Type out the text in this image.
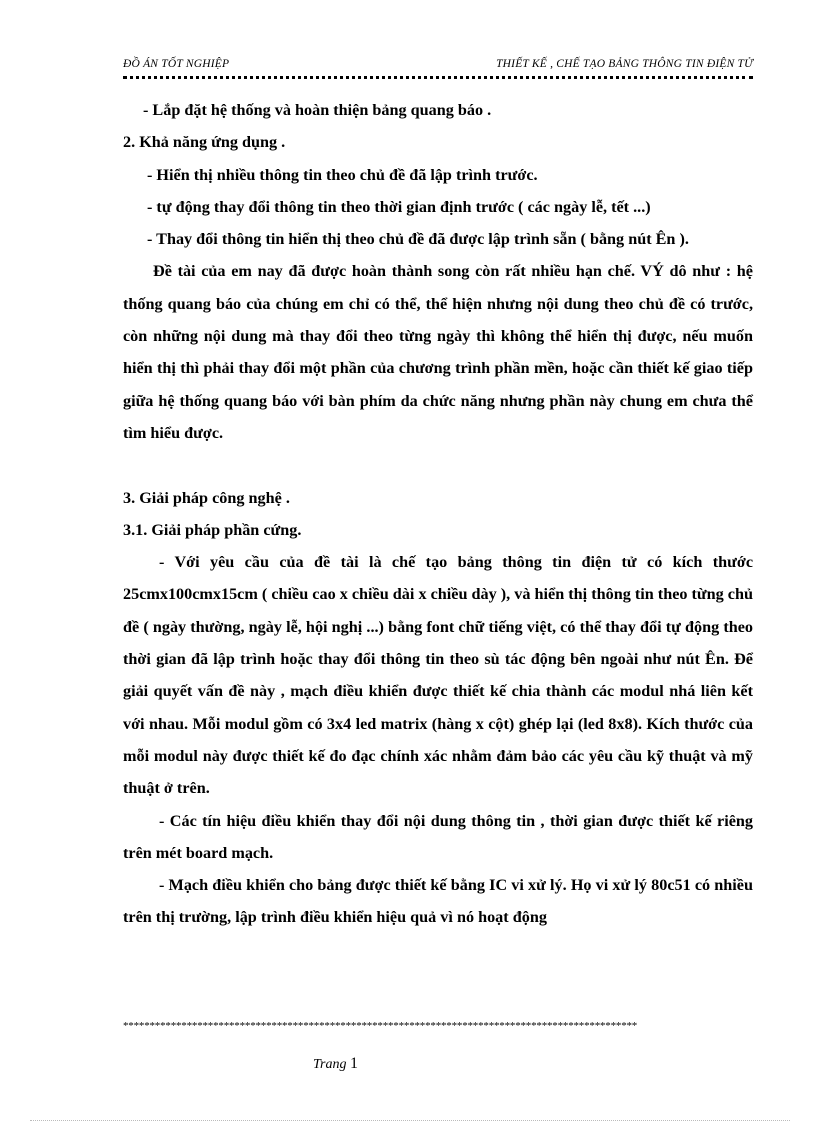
ĐỒ ÁN TỐT NGHIỆP	THIẾT KẾ , CHẾ TẠO BẢNG THÔNG TIN ĐIỆN TỬ

- Lắp đặt hệ thống và hoàn thiện bảng quang báo .

2. Khả năng ứng dụng .

- Hiển thị nhiều thông tin theo chủ đề đã lập trình trước.

- tự động thay đổi thông tin theo thời gian định trước ( các ngày lễ, tết ...)

- Thay đổi thông tin hiển thị theo chủ đề đã được lập trình sẵn ( bằng nút Ên ).

Đề tài của em nay đã được hoàn thành song còn rất nhiều hạn chế. VÝ dô như : hệ thống quang báo của chúng em chỉ có thể, thể hiện nhưng nội dung theo chủ đề có trước, còn những nội dung mà thay đổi theo từng ngày thì không thể hiển thị được, nếu muốn hiển thị thì phải thay đổi một phần của chương trình phần mền, hoặc cần thiết kế giao tiếp giữa hệ thống quang báo với bàn phím da chức năng nhưng phần này chung em chưa thể tìm hiểu được.

3. Giải pháp công nghệ .

3.1. Giải pháp phần cứng.

- Với yêu cầu của đề tài là chế tạo bảng thông tin điện tử có kích thước 25cmx100cmx15cm ( chiều cao x chiều dài x chiều dày ), và hiển thị thông tin theo từng chủ đề ( ngày thường, ngày lễ, hội nghị ...) bằng font chữ tiếng việt, có thể thay đổi tự động theo thời gian đã lập trình hoặc thay đổi thông tin theo sù tác động bên ngoài như nút Ên. Để giải quyết vấn đề này , mạch điều khiển được thiết kế chia thành các modul nhá liên kết với nhau. Mỗi modul gồm có 3x4 led matrix (hàng x cột) ghép lại (led 8x8). Kích thước của mỗi modul này được thiết kế đo đạc chính xác nhằm đảm bảo các yêu cầu kỹ thuật và mỹ thuật ở trên.

- Các tín hiệu điều khiển thay đổi nội dung thông tin , thời gian được thiết kế riêng trên mét board mạch.

- Mạch điều khiển cho bảng được thiết kế bằng IC vi xử lý. Họ vi xử lý 80c51 có nhiều trên thị trường, lập trình điều khiển hiệu quả vì nó hoạt động

*************************************************************************************************
Trang 1
